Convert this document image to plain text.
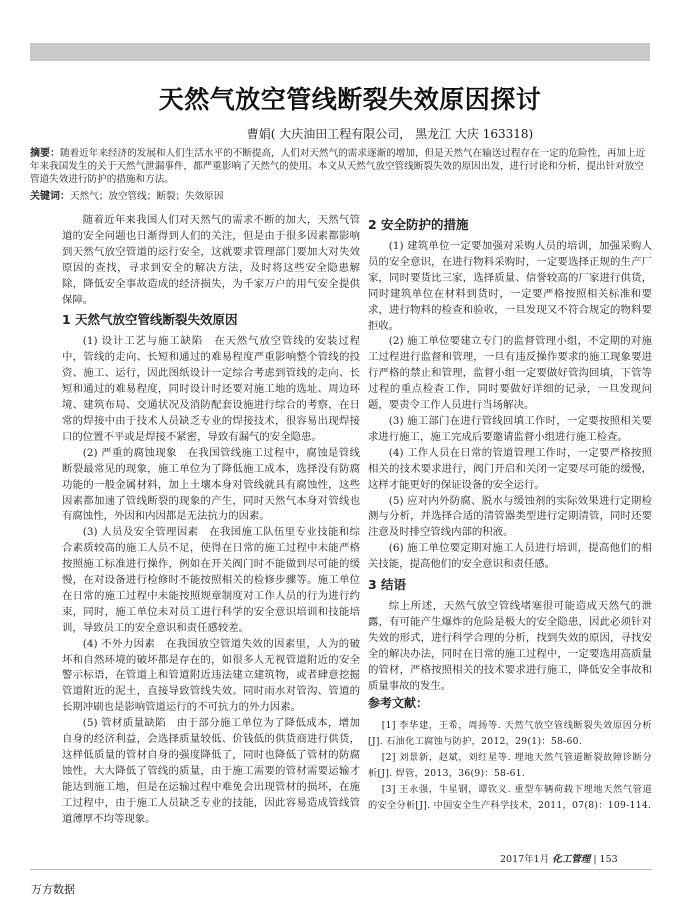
天然气放空管线断裂失效原因探讨
曹娟( 大庆油田工程有限公司， 黑龙江 大庆 163318)
摘要：随着近年来经济的发展和人们生活水平的不断提高，人们对天然气的需求逐渐的增加，但是天然气在输送过程存在一定的危险性，再加上近年来我国发生的关于天然气泄漏事件，都严重影响了天然气的使用。本文从天然气放空管线断裂失效的原因出发，进行讨论和分析，提出针对放空管道失效进行防护的措施和方法。
关键词：天然气；放空管线；断裂；失效原因

随着近年来我国人们对天然气的需求不断的加大，天然气管道的安全问题也日渐得到人们的关注，但是由于很多因素都影响到天然气放空管道的运行安全，这就要求管理部门要加大对失效原因的查找，寻求到安全的解决方法，及时将这些安全隐患解除，降低安全事故造成的经济损失，为千家万户的用气安全提供保障。

1 天然气放空管线断裂失效原因

(1) 设计工艺与施工缺陷　在天然气放空管线的安装过程中，管线的走向、长短和通过的难易程度严重影响整个管线的投资、施工、运行，因此图纸设计一定综合考虑到管线的走向、长短和通过的难易程度，同时设计时还要对施工地的选址、周边环境、建筑布局、交通状况及消防配套设施进行综合的考察，在日常的焊接中由于技术人员缺乏专业的焊接技术，很容易出现焊接口的位置不平或是焊接不紧密，导致有漏气的安全隐患。

(2) 严重的腐蚀现象　在我国管线施工过程中，腐蚀是管线断裂最常见的现象，施工单位为了降低施工成本，选择没有防腐功能的一般金属材料，加上土壤本身对管线就具有腐蚀性，这些因素都加速了管线断裂的现象的产生，同时天然气本身对管线也有腐蚀性，外因和内因都是无法抗力的因素。

(3) 人员及安全管理因素　在我国施工队伍里专业技能和综合素质较高的施工人员不足，使得在日常的施工过程中未能严格按照施工标准进行操作，例如在开关阀门时不能做到尽可能的缓慢，在对设备进行检修时不能按照相关的检修步骤等。施工单位在日常的施工过程中未能按照规章制度对工作人员的行为进行约束，同时，施工单位未对员工进行科学的安全意识培训和技能培训，导致员工的安全意识和责任感较差。

(4) 不外力因素　在我国放空管道失效的因素里，人为的破坏和自然环境的破坏都是存在的，如很多人无视管道附近的安全警示标语，在管道上和管道附近违法建立建筑物，或者肆意挖掘管道附近的泥土，直接导致管线失效。同时雨水对管沟、管道的长期冲刷也是影响管道运行的不可抗力的外力因素。

(5) 管材质量缺陷　由于部分施工单位为了降低成本，增加自身的经济利益，会选择质量较低、价钱低的供货商进行供货，这样低质量的管材自身的强度降低了，同时也降低了管材的防腐蚀性，大大降低了管线的质量，由于施工需要的管材需要运输才能达到施工地，但是在运输过程中难免会出现管材的损坏，在施工过程中，由于施工人员缺乏专业的技能，因此容易造成管线管道薄厚不均等现象。

2 安全防护的措施

(1) 建筑单位一定要加强对采购人员的培训，加强采购人员的安全意识，在进行物料采购时，一定要选择正规的生产厂家，同时要货比三家，选择质量、信誉较高的厂家进行供货，同时建筑单位在材料到货时，一定要严格按照相关标准和要求，进行物料的检查和验收，一旦发现又不符合规定的物料要拒收。

(2) 施工单位要建立专门的监督管理小组，不定期的对施工过程进行监督和管理，一旦有违反操作要求的施工现象要进行严格的禁止和管理，监督小组一定要做好管沟回填，下管等过程的重点检查工作，同时要做好详细的记录，一旦发现问题，要责令工作人员进行当场解决。

(3) 施工部门在进行管线回填工作时，一定要按照相关要求进行施工，施工完成后要邀请监督小组进行施工检查。

(4) 工作人员在日常的管道管理工作时，一定要严格按照相关的技术要求进行，阀门开启和关闭一定要尽可能的缓慢，这样才能更好的保证设备的安全运行。

(5) 应对内外防腐、脱水与缓蚀剂的实际效果进行定期检测与分析，并选择合适的清管器类型进行定期清管，同时还要注意及时排空管线内部的积液。

(6) 施工单位要定期对施工人员进行培训，提高他们的相关技能，提高他们的安全意识和责任感。

3 结语

综上所述，天然气放空管线堵塞很可能造成天然气的泄露，有可能产生爆炸的危险是极大的安全隐患，因此必须针对失效的形式，进行科学合理的分析，找到失效的原因，寻找安全的解决办法，同时在日常的施工过程中，一定要选用高质量的管材，严格按照相关的技术要求进行施工，降低安全事故和质量事故的发生。

参考文献：

[1] 李华建，王希，周扬等. 天然气放空管线断裂失效原因分析[J]. 石油化工腐蚀与防护，2012，29(1)：58-60.

[2] 刘景新，赵斌，刘红星等. 埋地天然气管道断裂故障诊断分析[J]. 焊管，2013，36(9)：58-61.

[3] 王永强，牛星钢，谭钦义. 重型车辆荷载下埋地天然气管道的安全分析[J]. 中国安全生产科学技术，2011，07(8)：109-114.

2017年1月 化工管理 | 153
万方数据
